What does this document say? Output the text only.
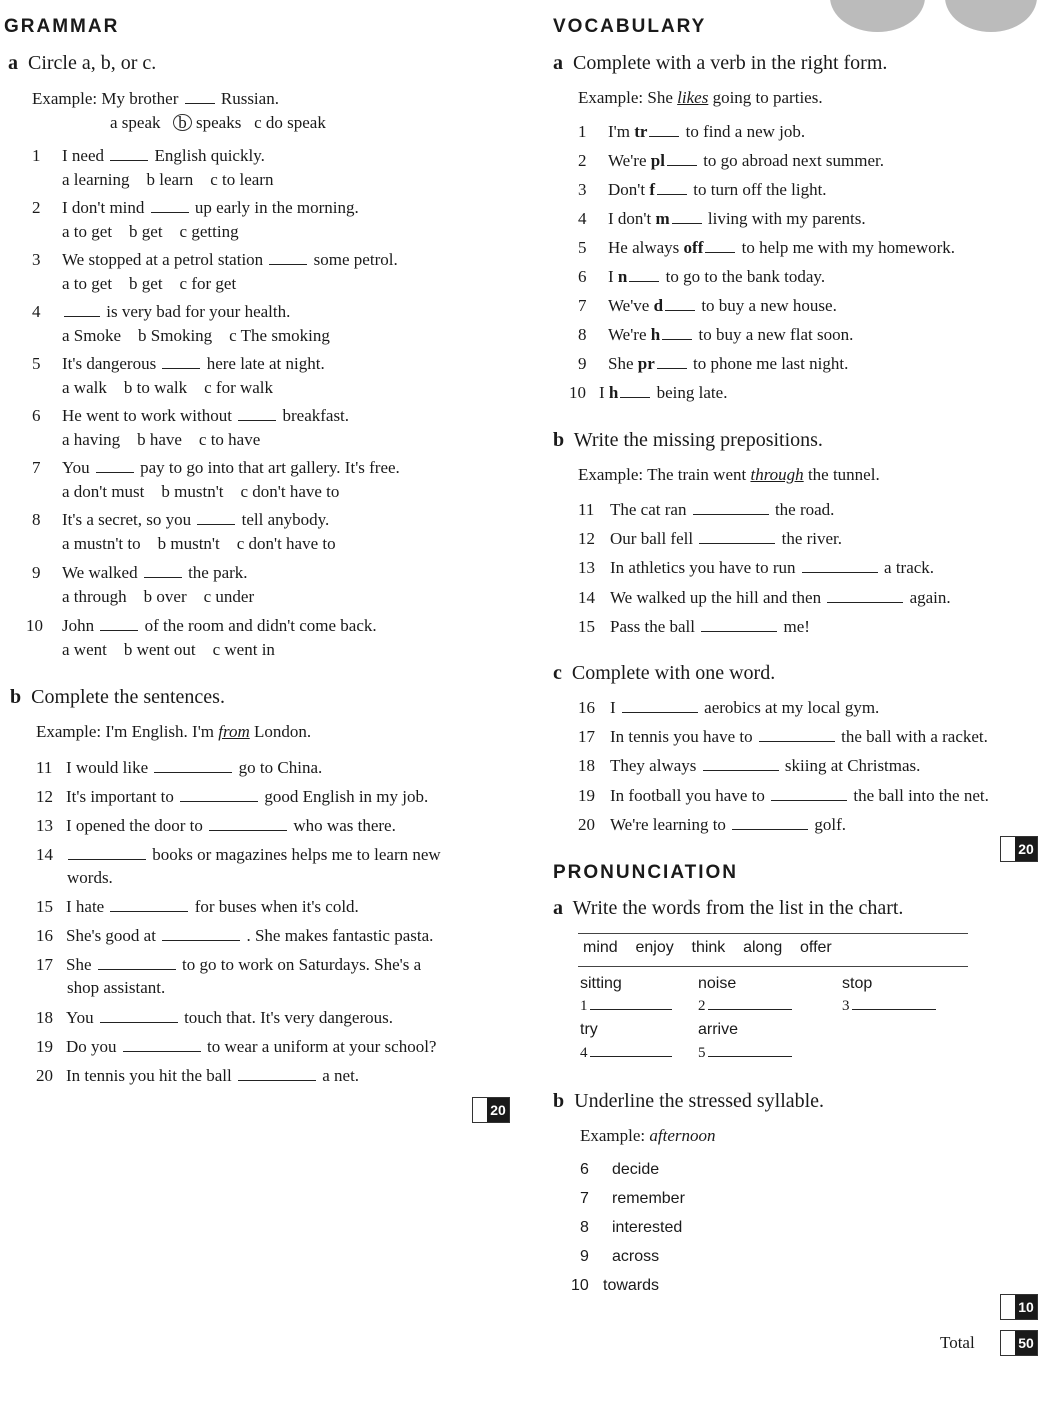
GRAMMAR
a Circle a, b, or c.
Example: My brother	Russian.
a speak b speaks c do speak
1 I need	English quickly.
a learning    b learn    c to learn
2 I don't mind	up early in the morning.
a to get    b get    c getting
3 We stopped at a petrol station	some petrol.
a to get    b get    c for get
4	is very bad for your health.
a Smoke    b Smoking    c The smoking
5 It's dangerous	here late at night.
a walk    b to walk    c for walk
6 He went to work without	breakfast.
a having    b have    c to have
7 You	pay to go into that art gallery. It's free.
a don't must    b mustn't    c don't have to
8 It's a secret, so you	tell anybody.
a mustn't to    b mustn't    c don't have to
9 We walked	the park.
a through    b over    c under
10 John	of the room and didn't come back.
a went    b went out    c went in
b Complete the sentences.
Example: I'm English. I'm from London.
11 I would like	go to China.
12 It's important to	good English in my job.
13 I opened the door to	who was there.
14	books or magazines helps me to learn new
words.
15 I hate	for buses when it's cold.
16 She's good at	. She makes fantastic pasta.
17 She	to go to work on Saturdays. She's a
shop assistant.
18 You	touch that. It's very dangerous.
19 Do you	to wear a uniform at your school?
20 In tennis you hit the ball	a net.
20
VOCABULARY
a Complete with a verb in the right form.
Example: She likes going to parties.
1 I'm tr to find a new job.
2 We're pl to go abroad next summer.
3 Don't f to turn off the light.
4 I don't m living with my parents.
5 He always off to help me with my homework.
6 I n to go to the bank today.
7 We've d to buy a new house.
8 We're h to buy a new flat soon.
9 She pr to phone me last night.
10 I h being late.
b Write the missing prepositions.
Example: The train went through the tunnel.
11 The cat ran	the road.
12 Our ball fell	the river.
13 In athletics you have to run	a track.
14 We walked up the hill and then	again.
15 Pass the ball	me!
c Complete with one word.
16 I	aerobics at my local gym.
17 In tennis you have to	the ball with a racket.
18 They always	skiing at Christmas.
19 In football you have to	the ball into the net.
20 We're learning to	golf.
20
PRONUNCIATION
a Write the words from the list in the chart.
mind enjoy think along offer
sitting	noise	stop
1	2	3
try	arrive
4	5
b Underline the stressed syllable.
Example: afternoon
6 decide
7 remember
8 interested
9 across
10 towards
10
Total	50
